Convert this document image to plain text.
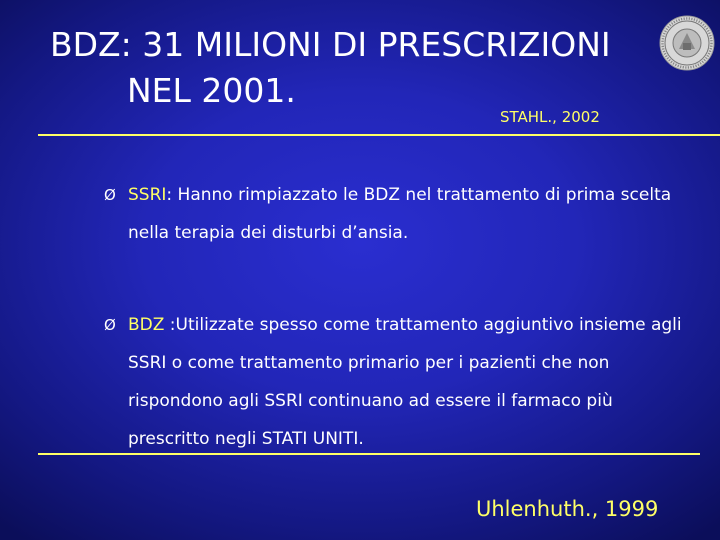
BDZ: 31 MILIONI DI PRESCRIZIONI
NEL 2001.
STAHL., 2002
Ø SSRI: Hanno rimpiazzato le BDZ nel trattamento di prima scelta
nella terapia dei disturbi d’ansia.
Ø BDZ :Utilizzate spesso come trattamento aggiuntivo insieme agli
SSRI o come trattamento primario per i pazienti che non
rispondono agli SSRI continuano ad essere il farmaco più
prescritto negli STATI UNITI.
Uhlenhuth., 1999
